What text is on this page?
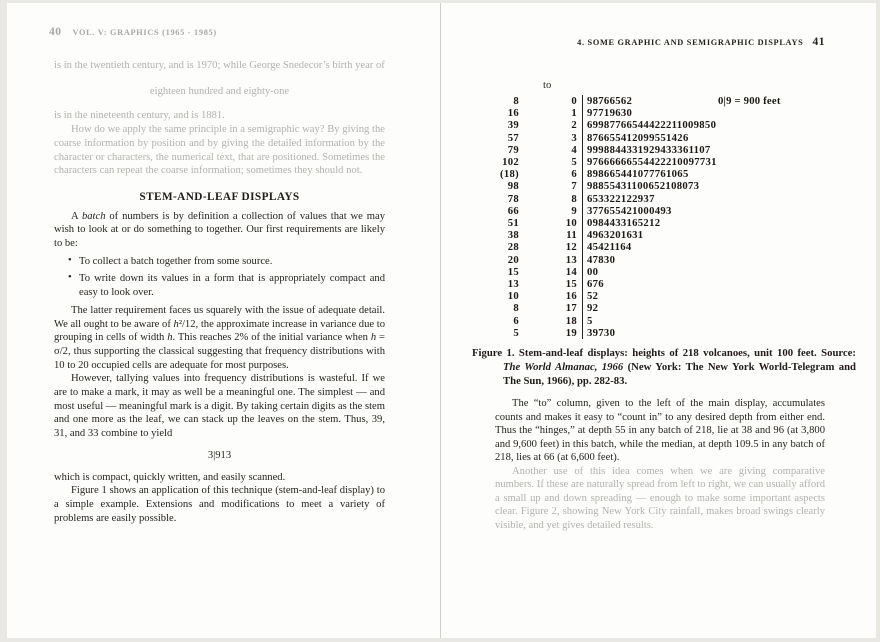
40 VOL. V: GRAPHICS (1965 - 1985)
is in the twentieth century, and is 1970; while George Snedecor’s birth year of
eighteen hundred and eighty-one
is in the nineteenth century, and is 1881.
How do we apply the same principle in a semigraphic way? By giving the coarse information by position and by giving the detailed information by the character or characters, the numerical text, that are positioned. Sometimes the characters can repeat the coarse information; sometimes they should not.
STEM-AND-LEAF DISPLAYS
A batch of numbers is by definition a collection of values that we may wish to look at or do something to together. Our first requirements are likely to be:
• To collect a batch together from some source.
• To write down its values in a form that is appropriately compact and easy to look over.
The latter requirement faces us squarely with the issue of adequate detail. We all ought to be aware of h²/12, the approximate increase in variance due to grouping in cells of width h. This reaches 2% of the initial variance when h = σ/2, thus supporting the classical suggesting that frequency distributions with 10 to 20 occupied cells are adequate for most purposes.
However, tallying values into frequency distributions is wasteful. If we are to make a mark, it may as well be a meaningful one. The simplest — and most useful — meaningful mark is a digit. By taking certain digits as the stem and one more as the leaf, we can stack up the leaves on the stem. Thus, 39, 31, and 33 combine to yield
3|913
which is compact, quickly written, and easily scanned.
Figure 1 shows an application of this technique (stem-and-leaf display) to a simple example. Extensions and modifications to meet a variety of problems are easily possible.
4. SOME GRAPHIC AND SEMIGRAPHIC DISPLAYS 41
to
8	0 98766562	0|9 = 900 feet
16	1 97719630
39	2 69987766544422211009850
57	3 876655412099551426
79	4 9998844331929433361107
102	5 97666666554422210097731
(18)	6 898665441077761065
98	7 98855431100652108073
78	8 653322122937
66	9 377655421000493
51	10 0984433165212
38	11 4963201631
28	12 45421164
20	13 47830
15	14 00
13	15 676
10	16 52
8	17 92
6	18 5
5	19 39730
Figure 1. Stem-and-leaf displays: heights of 218 volcanoes, unit 100 feet. Source: The World Almanac, 1966 (New York: The New York World-Telegram and The Sun, 1966), pp. 282-83.
The “to” column, given to the left of the main display, accumulates counts and makes it easy to “count in” to any desired depth from either end. Thus the “hinges,” at depth 55 in any batch of 218, lie at 38 and 96 (at 3,800 and 9,600 feet) in this batch, while the median, at depth 109.5 in any batch of 218, lies at 66 (at 6,600 feet).
Another use of this idea comes when we are giving comparative numbers. If these are naturally spread from left to right, we can usually afford a small up and down spreading — enough to make some important aspects clear. Figure 2, showing New York City rainfall, makes broad swings clearly visible, and yet gives detailed results.
